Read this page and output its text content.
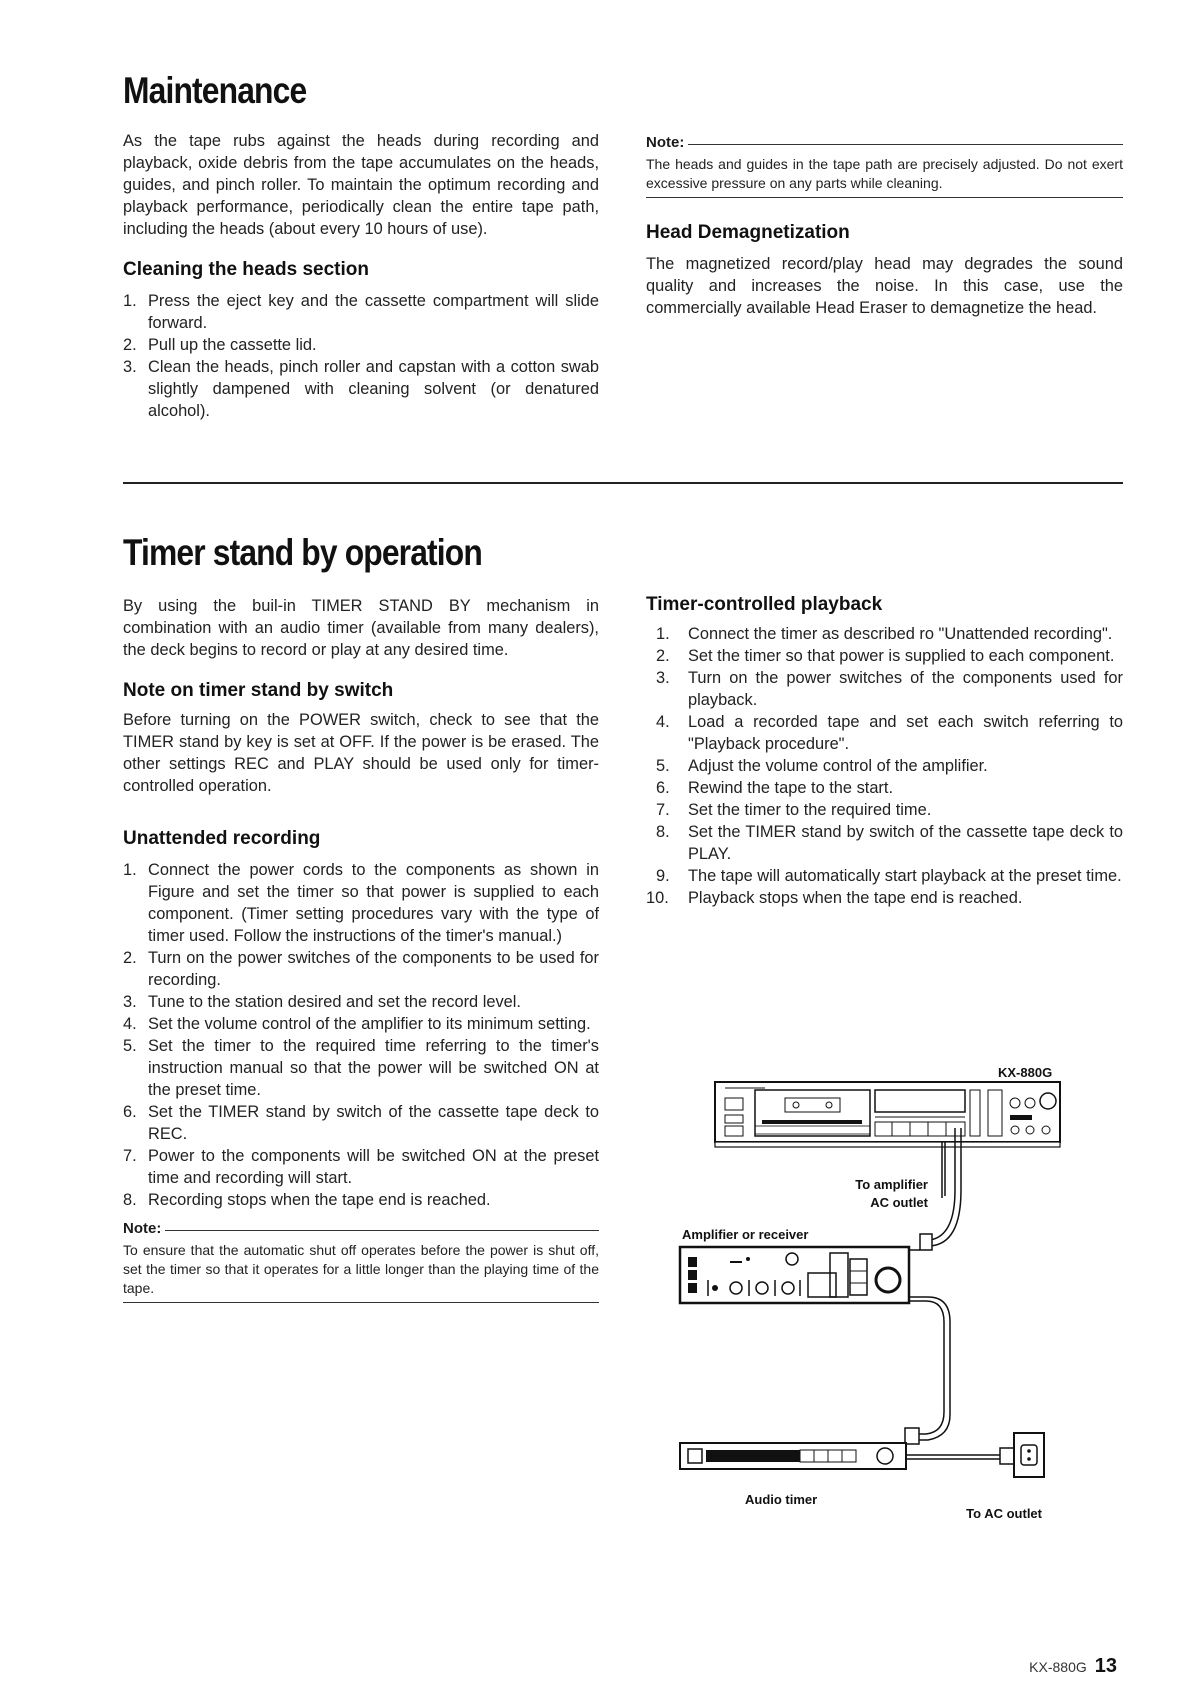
Maintenance

As the tape rubs against the heads during recording and playback, oxide debris from the tape accumulates on the heads, guides, and pinch roller. To maintain the optimum recording and playback performance, periodically clean the entire tape path, including the heads (about every 10 hours of use).

Cleaning the heads section
1. Press the eject key and the cassette compartment will slide forward.
2. Pull up the cassette lid.
3. Clean the heads, pinch roller and capstan with a cotton swab slightly dampened with cleaning solvent (or denatured alcohol).
Note:

The heads and guides in the tape path are precisely adjusted. Do not exert excessive pressure on any parts while cleaning.

Head Demagnetization

The magnetized record/play head may degrades the sound quality and increases the noise. In this case, use the commercially available Head Eraser to demagnetize the head.

Timer stand by operation

By using the buil-in TIMER STAND BY mechanism in combination with an audio timer (available from many dealers), the deck begins to record or play at any desired time.

Note on timer stand by switch

Before turning on the POWER switch, check to see that the TIMER stand by key is set at OFF. If the power is be erased. The other settings REC and PLAY should be used only for timer-controlled operation.

Unattended recording
1. Connect the power cords to the components as shown in Figure and set the timer so that power is supplied to each component. (Timer setting procedures vary with the type of timer used. Follow the instructions of the timer's manual.)
2. Turn on the power switches of the components to be used for recording.
3. Tune to the station desired and set the record level.
4. Set the volume control of the amplifier to its minimum setting.
5. Set the timer to the required time referring to the timer's instruction manual so that the power will be switched ON at the preset time.
6. Set the TIMER stand by switch of the cassette tape deck to REC.
7. Power to the components will be switched ON at the preset time and recording will start.
8. Recording stops when the tape end is reached.
Note:

To ensure that the automatic shut off operates before the power is shut off, set the timer so that it operates for a little longer than the playing time of the tape.

Timer-controlled playback
1. Connect the timer as described ro "Unattended recording".
2. Set the timer so that power is supplied to each component.
3. Turn on the power switches of the components used for playback.
4. Load a recorded tape and set each switch referring to "Playback procedure".
5. Adjust the volume control of the amplifier.
6. Rewind the tape to the start.
7. Set the timer to the required time.
8. Set the TIMER stand by switch of the cassette tape deck to PLAY.
9. The tape will automatically start playback at the preset time.
10. Playback stops when the tape end is reached.
KX-880G
To amplifier
AC outlet
Amplifier or receiver
Audio timer
To AC outlet
KX-880G 13
